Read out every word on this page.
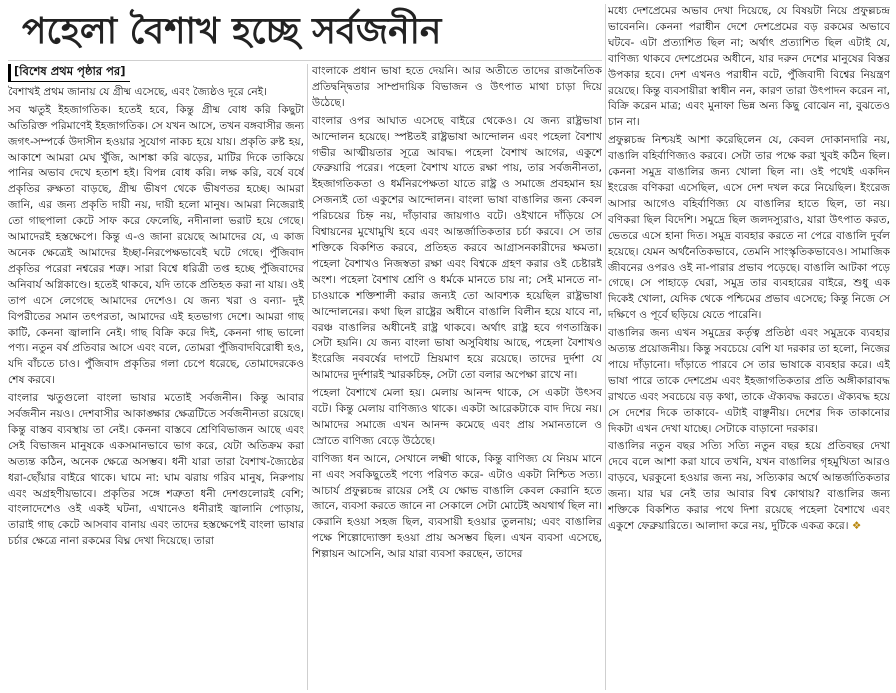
পহেলা বৈশাখ হচ্ছে সর্বজনীন
[বিশেষ প্রথম পৃষ্ঠার পর]

বৈশাখই প্রথম জানায় যে গ্রীষ্ম এসেছে, এবং জ্যৈষ্ঠও দূরে নেই।

সব ঋতুই ইহজাগতিক। হতেই হবে, কিন্তু গ্রীষ্ম বোধ করি কিছুটা অতিরিক্ত পরিমাণেই ইহজাগতিক। সে যখন আসে, তখন বঙ্গবাসীর জন্য জগৎ-সম্পর্কে উদাসীন হওয়ার সুযোগ নাকচ হয়ে যায়। প্রকৃতি রুষ্ট হয়, আকাশে আমরা মেঘ খুঁজি, আশঙ্কা করি ঝড়ের, মাটির দিকে তাকিয়ে পানির অভাব দেখে হতাশ হই। বিপন্ন বোধ করি। লক্ষ করি, বর্ষে বর্ষে প্রকৃতির রুক্ষতা বাড়ছে, গ্রীষ্ম ভীষণ থেকে ভীষণতর হচ্ছে। আমরা জানি, এর জন্য প্রকৃতি দায়ী নয়, দায়ী হলো মানুষ। আমরা নিজেরাই তো গাছপালা কেটে সাফ করে ফেলেছি, নদীনালা ভরাট হয়ে গেছে। আমাদেরই হস্তক্ষেপে। কিন্তু এ-ও জানা রয়েছে আমাদের যে, এ কাজ অনেক ক্ষেত্রেই আমাদের ইচ্ছা-নিরপেক্ষভাবেই ঘটে গেছে। পুঁজিবাদ প্রকৃতির পরেরা নশ্বরের শত্রু। সারা বিশ্বে ধরিত্রী তপ্ত হচ্ছে পুঁজিবাদের অনিবার্য অগ্নিকাণ্ডে। হতেই থাকবে, যদি তাকে প্রতিহত করা না যায়। ওই তাপ এসে লেগেছে আমাদের দেশেও। যে জন্য খরা ও বন্যা- দুই বিপরীতের সমান তৎপরতা, আমাদের এই হতভাগ্য দেশে। আমরা গাছ কাটি, কেননা জ্বালানি নেই। গাছ বিক্রি করে দিই, কেননা গাছ ভালো পণ্য। নতুন বর্ষ প্রতিবার আসে এবং বলে, তোমরা পুঁজিবাদবিরোধী হও, যদি বাঁচতে চাও। পুঁজিবাদ প্রকৃতির গলা চেপে ধরেছে, তোমাদেরকেও শেষ করবে।

বাংলার ঋতুগুলো বাংলা ভাষার মতোই সর্বজনীন। কিন্তু আবার সর্বজনীন নয়ও। দেশবাসীর আকাঙ্ক্ষার ক্ষেত্রটিতে সর্বজনীনতা রয়েছে। কিন্তু বাস্তব ব্যবস্থায় তা নেই। কেননা বাস্তবে শ্রেণিবিভাজন আছে এবং সেই বিভাজন মানুষকে একসমানভাবে ভাগ করে, যেটা অতিক্রম করা অত্যন্ত কঠিন, অনেক ক্ষেত্রে অসম্ভব। ধনী যারা তারা বৈশাখ-জ্যৈষ্ঠের ধরা-ছোঁয়ার বাইরে থাকে। ঘামে না: ঘাম ঝরায় গরিব মানুষ, নিরুপায় এবং অগ্রহণীয়ভাবে। প্রকৃতির সঙ্গে শত্রুতা ধনী দেশগুলোরই বেশি; বাংলাদেশেও ওই একই ঘটনা, এখানেও ধনীরাই জ্বালানি পোড়ায়, তারাই গাছ কেটে আসবাব বানায় এবং তাদের হস্তক্ষেপেই বাংলা ভাষার চর্চার ক্ষেত্রে নানা রকমের বিঘ্ন দেখা দিয়েছে। তারা

বাংলাকে প্রধান ভাষা হতে দেয়নি। আর অতীতে তাদের রাজনৈতিক প্রতিদ্বন্দ্বিতার সাম্প্রদায়িক বিভাজন ও উৎপাত মাথা চাড়া দিয়ে উঠেছে।

বাংলার ওপর আঘাত এসেছে বাইরে থেকেও। যে জন্য রাষ্ট্রভাষা আন্দোলন হয়েছে। স্পষ্টতই রাষ্ট্রভাষা আন্দোলন এবং পহেলা বৈশাখ গভীর আত্মীয়তার সূত্রে আবদ্ধ। পহেলা বৈশাখ আগের, একুশে ফেব্রুয়ারি পরের। পহেলা বৈশাখ যাতে রক্ষা পায়, তার সর্বজনীনতা, ইহজাগতিকতা ও ধর্মনিরপেক্ষতা যাতে রাষ্ট্র ও সমাজে প্রবহমান হয় সেজন্যই তো একুশের আন্দোলন। বাংলা ভাষা বাঙালির জন্য কেবল পরিচয়ের চিহ্ন নয়, দাঁড়াবার জায়গাও বটে। ওইখানে দাঁড়িয়ে সে বিশ্বায়নের মুখোমুখি হবে এবং আন্তর্জাতিকতার চর্চা করবে। সে তার শক্তিকে বিকশিত করবে, প্রতিহত করবে আগ্রাসনকারীদের ক্ষমতা। পহেলা বৈশাখও নিজস্বতা রক্ষা এবং বিশ্বকে গ্রহণ করার ওই চেষ্টারই অংশ। পহেলা বৈশাখ শ্রেণি ও ধর্মকে মানতে চায় না; সেই মানতে না-চাওয়াকে শক্তিশালী করার জন্যই তো আবশ্যক হয়েছিল রাষ্ট্রভাষা আন্দোলনের। কথা ছিল রাষ্ট্রের অধীনে বাঙালি বিলীন হয়ে যাবে না, বরঞ্চ বাঙালির অধীনেই রাষ্ট্র থাকবে। অর্থাৎ রাষ্ট্র হবে গণতান্ত্রিক। সেটা হয়নি। যে জন্য বাংলা ভাষা অসুবিধায় আছে, পহেলা বৈশাখও ইংরেজি নববর্ষের দাপটে ম্রিয়মাণ হয়ে রয়েছে। তাদের দুর্দশা যে আমাদের দুর্দশারই স্মারকচিহ্ন, সেটা তো বলার অপেক্ষা রাখে না।

পহেলা বৈশাখে মেলা হয়। মেলায় আনন্দ থাকে, সে একটা উৎসব বটে। কিন্তু মেলায় বাণিজ্যও থাকে। একটা আরেকটাকে বাদ দিয়ে নয়। আমাদের সমাজে এখন আনন্দ কমেছে এবং প্রায় সমানতালে ও স্রোতে বাণিজ্য বেড়ে উঠেছে।

বাণিজ্য ধন আনে, সেখানে লক্ষ্মী থাকে, কিন্তু বাণিজ্য যে নিয়ম মানে না এবং সবকিছুতেই পণ্যে পরিণত করে- এটাও একটা নিশ্চিত সত্য। আচার্য প্রফুল্লচন্দ্র রায়ের সেই যে ক্ষোভ বাঙালি কেবল কেরানি হতে জানে, ব্যবসা করতে জানে না সেকালে সেটা মোটেই অযথার্থ ছিল না। কেরানি হওয়া সহজ ছিল, ব্যবসায়ী হওয়ার তুলনায়; এবং বাঙালির পক্ষে শিল্পোদ্যোক্তা হওয়া প্রায় অসম্ভব ছিল। এখন ব্যবসা এসেছে, শিল্পায়ন আসেনি, আর যারা ব্যবসা করছেন, তাদের

মধ্যে দেশপ্রেমের অভাব দেখা দিয়েছে, যে বিষয়টা নিয়ে প্রফুল্লচন্দ্র ভাবেননি। কেননা পরাধীন দেশে দেশপ্রেমের বড় রকমের অভাবে ঘটবে- এটা প্রত্যাশিত ছিল না; অর্থাৎ প্রত্যাশিত ছিল এটাই যে, বাণিজ্য থাকবে দেশপ্রেমের অধীনে, যার দরুন দেশের মানুষের বিস্তর উপকার হবে। দেশ এখনও পরাধীন বটে, পুঁজিবাদী বিশ্বের নিয়ন্ত্রণ রয়েছে। কিন্তু ব্যবসায়ীরা স্বাধীন নন, কারণ তারা উৎপাদন করেন না, বিক্রি করেন মাত্র; এবং মুনাফা ভিন্ন অন্য কিছু বোঝেন না, বুঝতেও চান না।

প্রফুল্লচন্দ্র নিশ্চয়ই আশা করেছিলেন যে, কেবল দোকানদারি নয়, বাঙালি বহির্বাণিজ্যও করবে। সেটা তার পক্ষে করা খুবই কঠিন ছিল। কেননা সমুদ্র বাঙালির জন্য খোলা ছিল না। ওই পথেই একদিন ইংরেজ বণিকরা এসেছিল, এসে দেশ দখল করে নিয়েছিল। ইংরেজ আসার আগেও বহির্বাণিজ্য যে বাঙালির হাতে ছিল, তা নয়। বণিকরা ছিল বিদেশি। সমুদ্রে ছিল জলদস্যুরাও, যারা উৎপাত করত, ভেতরে এসে হানা দিত। সমুদ্র ব্যবহার করতে না পেরে বাঙালি দুর্বল হয়েছে। যেমন অর্থনৈতিকভাবে, তেমনি সাংস্কৃতিকভাবেও। সামাজিক জীবনের ওপরও ওই না-পারার প্রভাব পড়েছে। বাঙালি আটকা পড়ে গেছে। সে পাহাড়ে ঘেরা, সমুদ্র তার ব্যবহারের বাইরে, শুধু এক দিকেই খোলা, যেদিক থেকে পশ্চিমের প্রভাব এসেছে; কিন্তু নিজে সে দক্ষিণে ও পূর্বে ছড়িয়ে যেতে পারেনি।

বাঙালির জন্য এখন সমুদ্রের কর্তৃত্ব প্রতিষ্ঠা এবং সমুদ্রকে ব্যবহার অত্যন্ত প্রয়োজনীয়। কিন্তু সবচেয়ে বেশি যা দরকার তা হলো, নিজের পায়ে দাঁড়ানো। দাঁড়াতে পারবে সে তার ভাষাকে ব্যবহার করে। এই ভাষা পারে তাকে দেশপ্রেম এবং ইহজাগতিকতার প্রতি অঙ্গীকারাবদ্ধ রাখতে এবং সবচেয়ে বড় কথা, তাকে ঐক্যবদ্ধ করতে। ঐক্যবদ্ধ হয়ে সে দেশের দিকে তাকাবে- এটাই বাঞ্ছনীয়। দেশের দিক তাকানোর দিকটা এখন দেখা যাচ্ছে। সেটাকে বাড়ানো দরকার।

বাঙালির নতুন বছর সত্যি সত্যি নতুন বছর হয়ে প্রতিবছর দেখা দেবে বলে আশা করা যাবে তখনি, যখন বাঙালির গৃহমুখিতা আরও বাড়বে, ঘরকুনো হওয়ার জন্য নয়, সত্যিকার অর্থে আন্তর্জাতিকতার জন্য। যার ঘর নেই তার আবার বিশ্ব কোথায়? বাঙালির জন্য শক্তিকে বিকশিত করার পথে দিশা রয়েছে পহেলা বৈশাখে এবং একুশে ফেব্রুয়ারিতে। আলাদা করে নয়, দুটিকে একত্র করে। ❖
